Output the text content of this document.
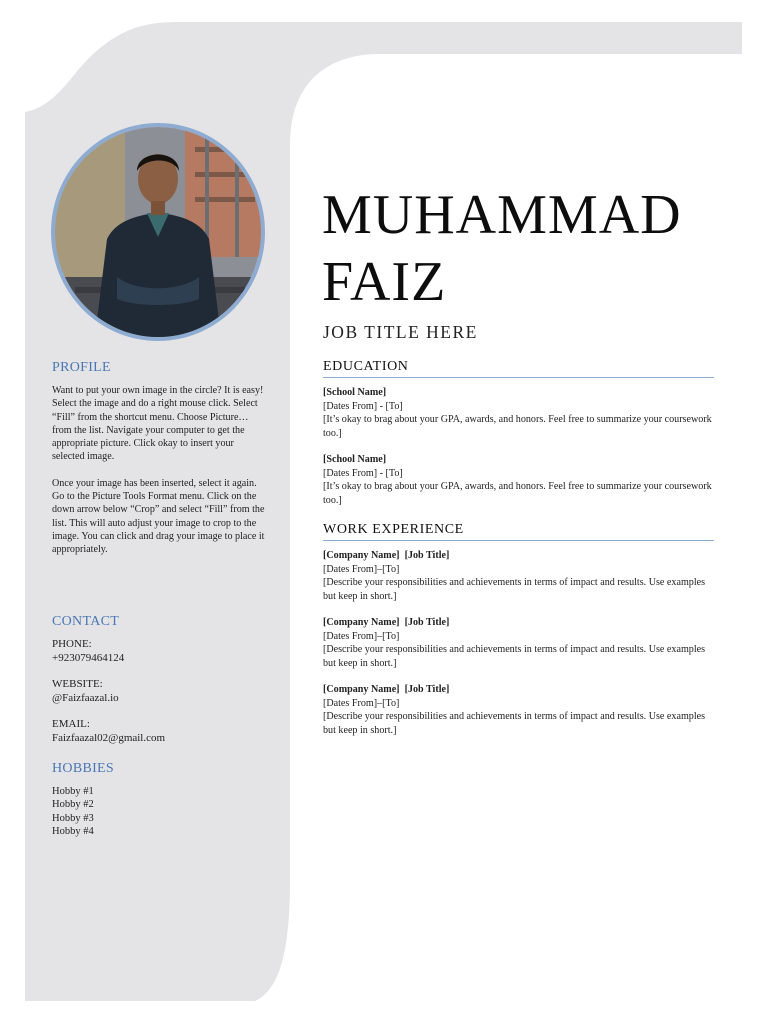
PROFILE

Want to put your own image in the circle? It is easy! Select the image and do a right mouse click. Select “Fill” from the shortcut menu. Choose Picture… from the list. Navigate your computer to get the appropriate picture. Click okay to insert your selected image.

Once your image has been inserted, select it again. Go to the Picture Tools Format menu. Click on the down arrow below “Crop” and select “Fill” from the list. This will auto adjust your image to crop to the image. You can click and drag your image to place it appropriately.

CONTACT
PHONE:
+923079464124
WEBSITE:
@Faizfaazal.io
EMAIL:
Faizfaazal02@gmail.com
HOBBIES
Hobby #1
Hobby #2
Hobby #3
Hobby #4
MUHAMMAD
FAIZ
JOB TITLE HERE
EDUCATION
[School Name]
[Dates From] - [To]
[It’s okay to brag about your GPA, awards, and honors. Feel free to summarize your coursework too.]
[School Name]
[Dates From] - [To]
[It’s okay to brag about your GPA, awards, and honors. Feel free to summarize your coursework too.]
WORK EXPERIENCE
[Company Name] [Job Title]
[Dates From]–[To]
[Describe your responsibilities and achievements in terms of impact and results. Use examples but keep in short.]
[Company Name] [Job Title]
[Dates From]–[To]
[Describe your responsibilities and achievements in terms of impact and results. Use examples but keep in short.]
[Company Name] [Job Title]
[Dates From]–[To]
[Describe your responsibilities and achievements in terms of impact and results. Use examples but keep in short.]
